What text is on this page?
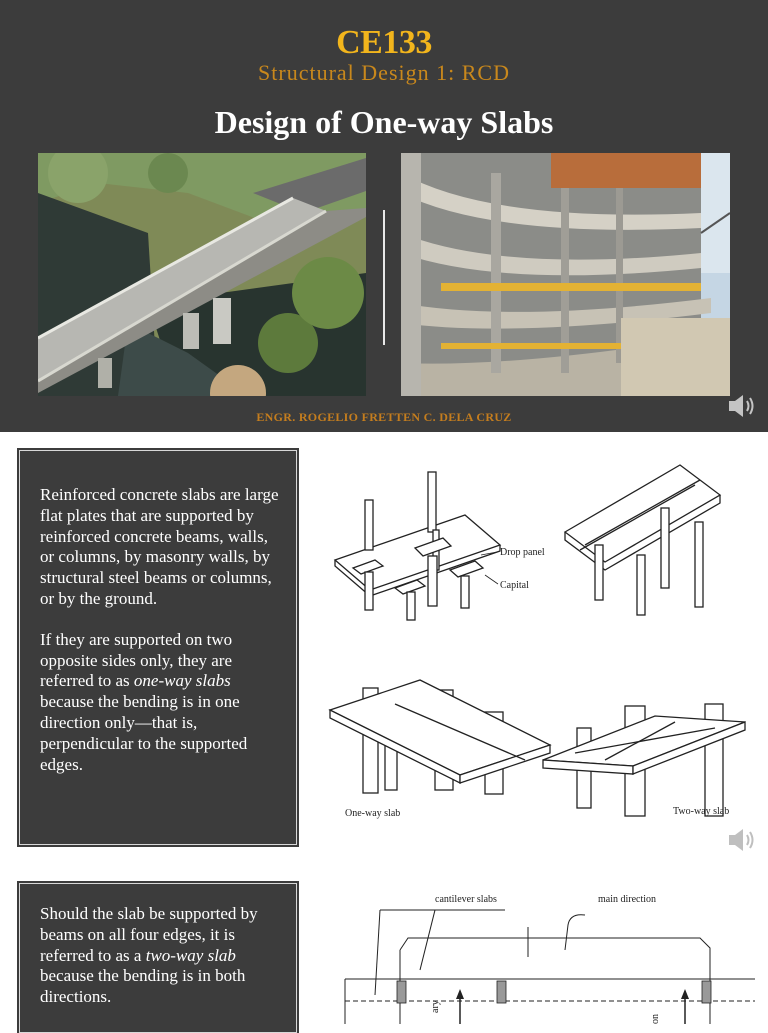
CE133
Structural Design 1: RCD
Design of One-way Slabs
ENGR. ROGELIO FRETTEN C. DELA CRUZ

Reinforced concrete slabs are large flat plates that are supported by reinforced concrete beams, walls, or columns, by masonry walls, by structural steel beams or columns, or by the ground.

If they are supported on two opposite sides only, they are referred to as one-way slabs because the bending is in one direction only—that is, perpendicular to the supported edges.

Drop panel
Capital
One-way slab	Two-way slab

Should the slab be supported by beams on all four edges, it is referred to as a two-way slab because the bending is in both directions.

cantilever slabs	main direction
ary
on
